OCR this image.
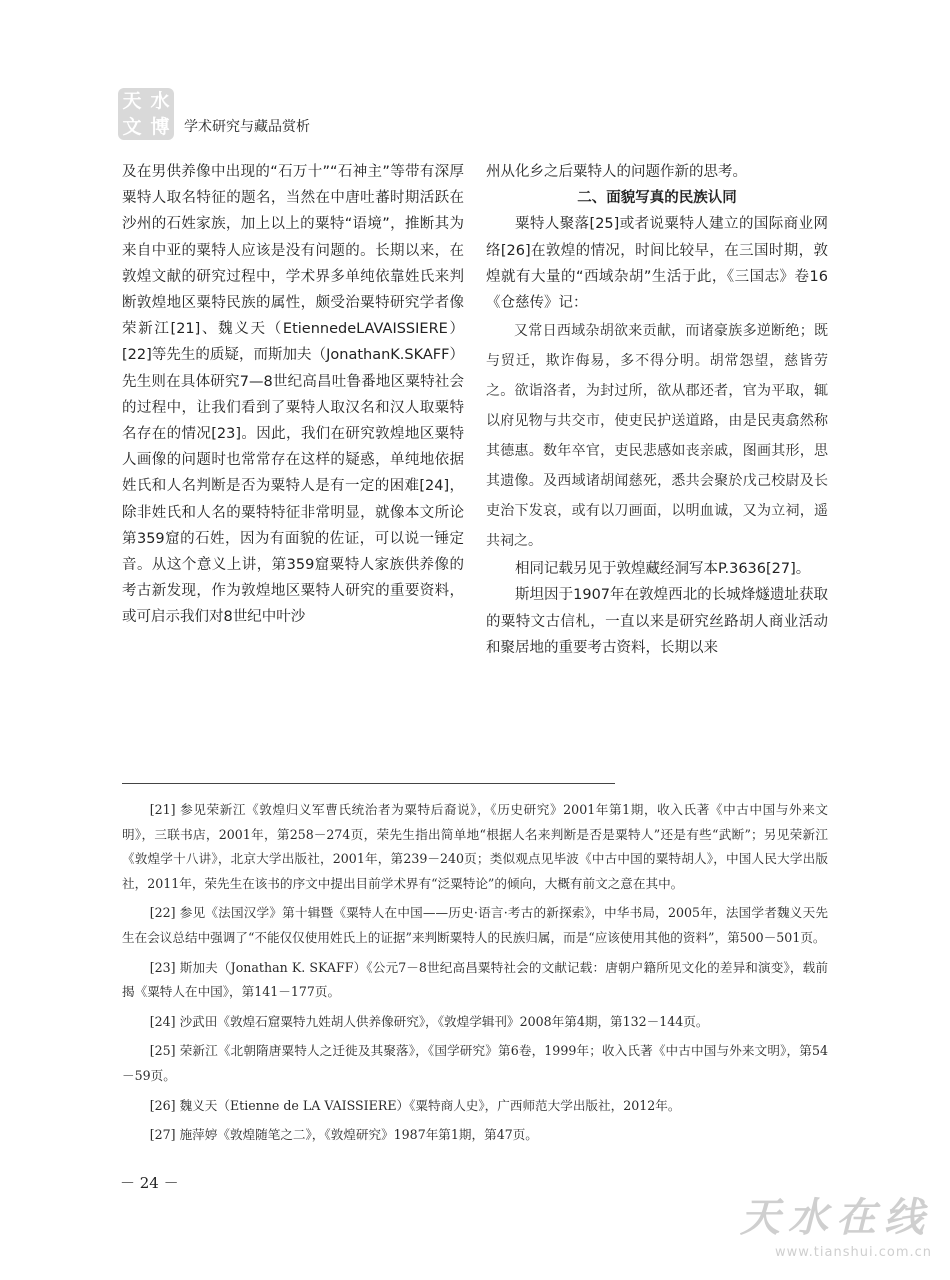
天 水
文 博 学术研究与藏品赏析

及在男供养像中出现的“石万十”“石神主”等带有深厚粟特人取名特征的题名，当然在中唐吐蕃时期活跃在沙州的石姓家族，加上以上的粟特“语境”，推断其为来自中亚的粟特人应该是没有问题的。长期以来，在敦煌文献的研究过程中，学术界多单纯依靠姓氏来判断敦煌地区粟特民族的属性，颇受治粟特研究学者像荣新江[21]、魏义天（EtiennedeLAVAISSIERE）[22]等先生的质疑，而斯加夫（JonathanK.SKAFF）先生则在具体研究7—8世纪高昌吐鲁番地区粟特社会的过程中，让我们看到了粟特人取汉名和汉人取粟特名存在的情况[23]。因此，我们在研究敦煌地区粟特人画像的问题时也常常存在这样的疑惑，单纯地依据姓氏和人名判断是否为粟特人是有一定的困难[24]，除非姓氏和人名的粟特特征非常明显，就像本文所论第359窟的石姓，因为有面貌的佐证，可以说一锤定音。从这个意义上讲，第359窟粟特人家族供养像的考古新发现，作为敦煌地区粟特人研究的重要资料，或可启示我们对8世纪中叶沙

州从化乡之后粟特人的问题作新的思考。

二、面貌写真的民族认同

粟特人聚落[25]或者说粟特人建立的国际商业网络[26]在敦煌的情况，时间比较早，在三国时期，敦煌就有大量的“西域杂胡”生活于此，《三国志》卷16《仓慈传》记：

又常日西域杂胡欲来贡献，而诸豪族多逆断绝；既与贸迁，欺诈侮易，多不得分明。胡常怨望，慈皆劳之。欲诣洛者，为封过所，欲从郡还者，官为平取，辄以府见物与共交市，使吏民护送道路，由是民夷翕然称其德惠。数年卒官，吏民悲感如丧亲戚，图画其形，思其遗像。及西域诸胡闻慈死，悉共会聚於戊己校尉及长吏治下发哀，或有以刀画面，以明血诚，又为立祠，遥共祠之。

相同记载另见于敦煌藏经洞写本P.3636[27]。

斯坦因于1907年在敦煌西北的长城烽燧遗址获取的粟特文古信札，一直以来是研究丝路胡人商业活动和聚居地的重要考古资料，长期以来

[21] 参见荣新江《敦煌归义军曹氏统治者为粟特后裔说》，《历史研究》2001年第1期，收入氏著《中古中国与外来文明》，三联书店，2001年，第258－274页，荣先生指出简单地“根据人名来判断是否是粟特人”还是有些“武断”；另见荣新江《敦煌学十八讲》，北京大学出版社，2001年，第239－240页；类似观点见毕波《中古中国的粟特胡人》，中国人民大学出版社，2011年，荣先生在该书的序文中提出目前学术界有“泛粟特论”的倾向，大概有前文之意在其中。

[22] 参见《法国汉学》第十辑暨《粟特人在中国——历史·语言·考古的新探索》，中华书局，2005年，法国学者魏义天先生在会议总结中强调了“不能仅仅使用姓氏上的证据”来判断粟特人的民族归属，而是“应该使用其他的资料”，第500－501页。

[23] 斯加夫（Jonathan K. SKAFF）《公元7－8世纪高昌粟特社会的文献记载：唐朝户籍所见文化的差异和演变》，载前揭《粟特人在中国》，第141－177页。

[24] 沙武田《敦煌石窟粟特九姓胡人供养像研究》，《敦煌学辑刊》2008年第4期，第132－144页。

[25] 荣新江《北朝隋唐粟特人之迁徙及其聚落》，《国学研究》第6卷，1999年；收入氏著《中古中国与外来文明》，第54－59页。

[26] 魏义天（Etienne de LA VAISSIERE）《粟特商人史》，广西师范大学出版社，2012年。

[27] 施萍婷《敦煌随笔之二》，《敦煌研究》1987年第1期，第47页。

－ 24 －
天水在线
www.tianshui.com.cn
